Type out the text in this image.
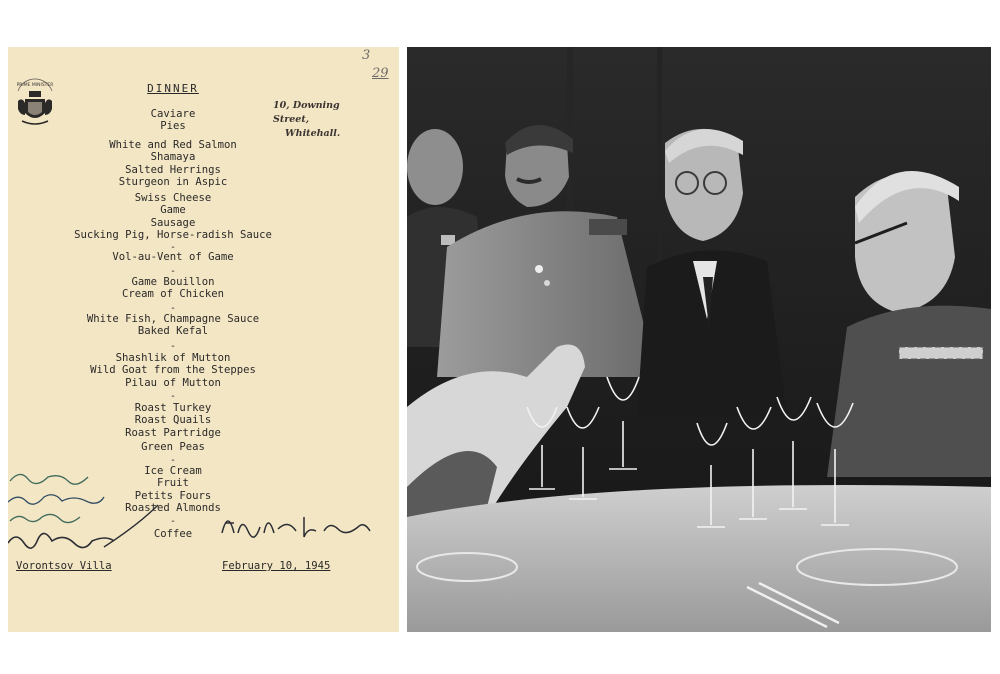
PRIME MINISTER	DINNER
10, Downing Street,
Whitehall.
3
29
Caviare
Pies
White and Red Salmon
Shamaya
Salted Herrings
Sturgeon in Aspic
Swiss Cheese
Game
Sausage
Sucking Pig, Horse-radish Sauce
-
Vol-au-Vent of Game
-
Game Bouillon
Cream of Chicken
-
White Fish, Champagne Sauce
Baked Kefal
-
Shashlik of Mutton
Wild Goat from the Steppes
Pilau of Mutton
-
Roast Turkey
Roast Quails
Roast Partridge
Green Peas
-
Ice Cream
Fruit
Petits Fours
Roasted Almonds
-
Coffee
Vorontsov Villa	February 10, 1945
